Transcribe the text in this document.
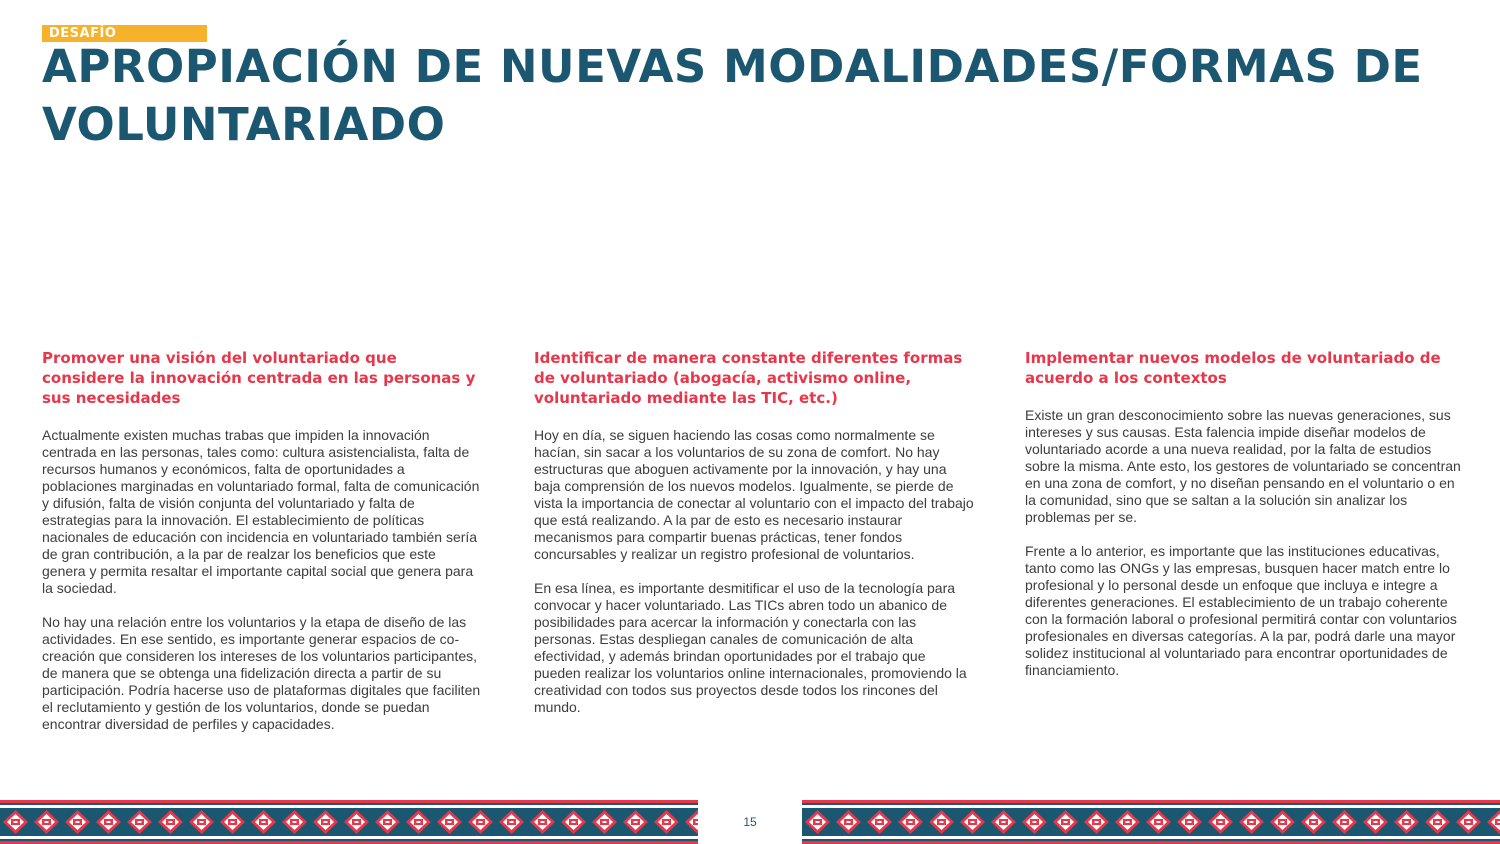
DESAFÍO
APROPIACIÓN DE NUEVAS MODALIDADES/FORMAS DE VOLUNTARIADO
Promover una visión del voluntariado que considere la innovación centrada en las personas y sus necesidades

Actualmente existen muchas trabas que impiden la innovación centrada en las personas, tales como: cultura asistencialista, falta de recursos humanos y económicos, falta de oportunidades a poblaciones marginadas en voluntariado formal, falta de comunicación y difusión, falta de visión conjunta del voluntariado y falta de estrategias para la innovación. El establecimiento de políticas nacionales de educación con incidencia en voluntariado también sería de gran contribución, a la par de realzar los beneficios que este genera y permita resaltar el importante capital social que genera para la sociedad.

No hay una relación entre los voluntarios y la etapa de diseño de las actividades. En ese sentido, es importante generar espacios de co-creación que consideren los intereses de los voluntarios participantes, de manera que se obtenga una fidelización directa a partir de su participación. Podría hacerse uso de plataformas digitales que faciliten el reclutamiento y gestión de los voluntarios, donde se puedan encontrar diversidad de perfiles y capacidades.

Identificar de manera constante diferentes formas de voluntariado (abogacía, activismo online, voluntariado mediante las TIC, etc.)

Hoy en día, se siguen haciendo las cosas como normalmente se hacían, sin sacar a los voluntarios de su zona de comfort. No hay estructuras que aboguen activamente por la innovación, y hay una baja comprensión de los nuevos modelos. Igualmente, se pierde de vista la importancia de conectar al voluntario con el impacto del trabajo que está realizando. A la par de esto es necesario instaurar mecanismos para compartir buenas prácticas, tener fondos concursables y realizar un registro profesional de voluntarios.

En esa línea, es importante desmitificar el uso de la tecnología para convocar y hacer voluntariado. Las TICs abren todo un abanico de posibilidades para acercar la información y conectarla con las personas. Estas despliegan canales de comunicación de alta efectividad, y además brindan oportunidades por el trabajo que pueden realizar los voluntarios online internacionales, promoviendo la creatividad con todos sus proyectos desde todos los rincones del mundo.

Implementar nuevos modelos de voluntariado de acuerdo a los contextos

Existe un gran desconocimiento sobre las nuevas generaciones, sus intereses y sus causas. Esta falencia impide diseñar modelos de voluntariado acorde a una nueva realidad, por la falta de estudios sobre la misma. Ante esto, los gestores de voluntariado se concentran en una zona de comfort, y no diseñan pensando en el voluntario o en la comunidad, sino que se saltan a la solución sin analizar los problemas per se.

Frente a lo anterior, es importante que las instituciones educativas, tanto como las ONGs y las empresas, busquen hacer match entre lo profesional y lo personal desde un enfoque que incluya e integre a diferentes generaciones. El establecimiento de un trabajo coherente con la formación laboral o profesional permitirá contar con voluntarios profesionales en diversas categorías. A la par, podrá darle una mayor solidez institucional al voluntariado para encontrar oportunidades de financiamiento.

15
